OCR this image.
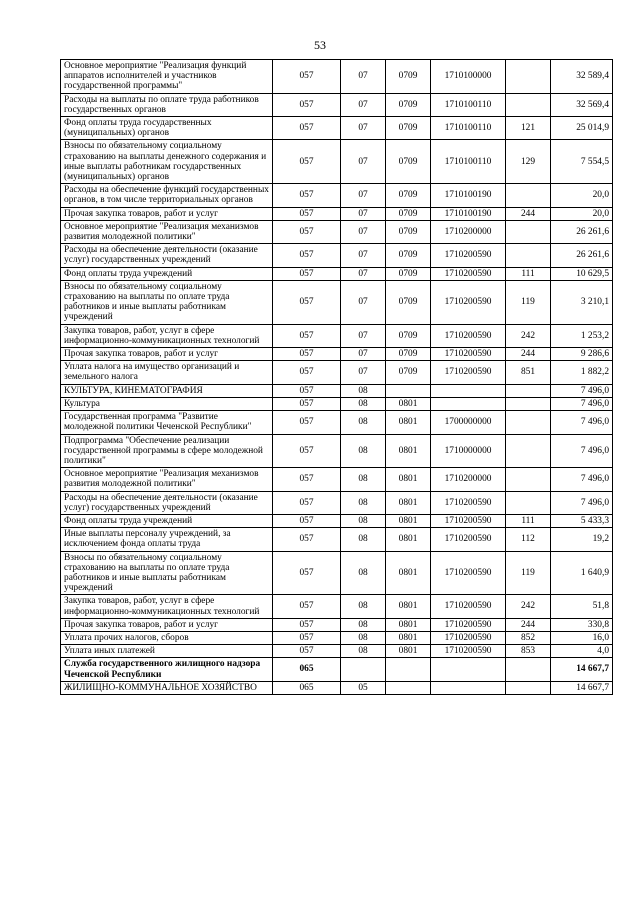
53
Основное мероприятие "Реализация функций аппаратов исполнителей и участников государственной программы"	057	07	0709	1710100000		32 589,4
Расходы на выплаты по оплате труда работников государственных органов	057	07	0709	1710100110		32 569,4
Фонд оплаты труда государственных (муниципальных) органов	057	07	0709	1710100110	121	25 014,9
Взносы по обязательному социальному страхованию на выплаты денежного содержания и иные выплаты работникам государственных (муниципальных) органов	057	07	0709	1710100110	129	7 554,5
Расходы на обеспечение функций государственных органов, в том числе территориальных органов	057	07	0709	1710100190		20,0
Прочая закупка товаров, работ и услуг	057	07	0709	1710100190	244	20,0
Основное мероприятие "Реализация механизмов развития молодежной политики"	057	07	0709	1710200000		26 261,6
Расходы на обеспечение деятельности (оказание услуг) государственных учреждений	057	07	0709	1710200590		26 261,6
Фонд оплаты труда учреждений	057	07	0709	1710200590	111	10 629,5
Взносы по обязательному социальному страхованию на выплаты по оплате труда работников и иные выплаты работникам учреждений	057	07	0709	1710200590	119	3 210,1
Закупка товаров, работ, услуг в сфере информационно-коммуникационных технологий	057	07	0709	1710200590	242	1 253,2
Прочая закупка товаров, работ и услуг	057	07	0709	1710200590	244	9 286,6
Уплата налога на имущество организаций и земельного налога	057	07	0709	1710200590	851	1 882,2
КУЛЬТУРА, КИНЕМАТОГРАФИЯ	057	08				7 496,0
Культура	057	08	0801			7 496,0
Государственная программа "Развитие молодежной политики Чеченской Республики"	057	08	0801	1700000000		7 496,0
Подпрограмма "Обеспечение реализации государственной программы в сфере молодежной политики"	057	08	0801	1710000000		7 496,0
Основное мероприятие "Реализация механизмов развития молодежной политики"	057	08	0801	1710200000		7 496,0
Расходы на обеспечение деятельности (оказание услуг) государственных учреждений	057	08	0801	1710200590		7 496,0
Фонд оплаты труда учреждений	057	08	0801	1710200590	111	5 433,3
Иные выплаты персоналу учреждений, за исключением фонда оплаты труда	057	08	0801	1710200590	112	19,2
Взносы по обязательному социальному страхованию на выплаты по оплате труда работников и иные выплаты работникам учреждений	057	08	0801	1710200590	119	1 640,9
Закупка товаров, работ, услуг в сфере информационно-коммуникационных технологий	057	08	0801	1710200590	242	51,8
Прочая закупка товаров, работ и услуг	057	08	0801	1710200590	244	330,8
Уплата прочих налогов, сборов	057	08	0801	1710200590	852	16,0
Уплата иных платежей	057	08	0801	1710200590	853	4,0
Служба государственного жилищного надзора Чеченской Республики	065					14 667,7
ЖИЛИЩНО-КОММУНАЛЬНОЕ ХОЗЯЙСТВО	065	05				14 667,7
